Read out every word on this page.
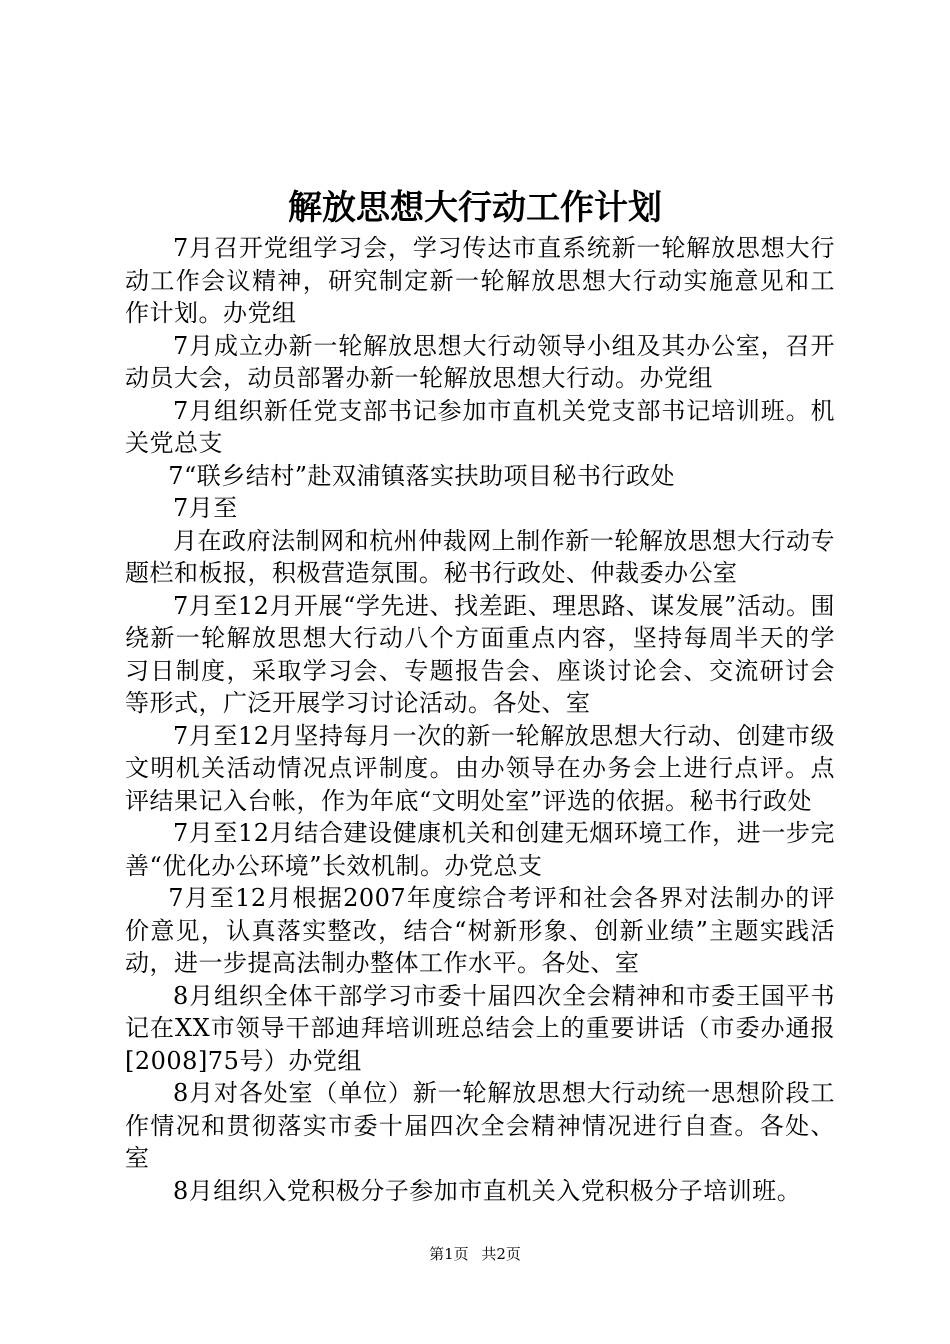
解放思想大行动工作计划

7月召开党组学习会，学习传达市直系统新一轮解放思想大行动工作会议精神，研究制定新一轮解放思想大行动实施意见和工作计划。办党组

7月成立办新一轮解放思想大行动领导小组及其办公室，召开动员大会，动员部署办新一轮解放思想大行动。办党组

7月组织新任党支部书记参加市直机关党支部书记培训班。机关党总支

7“联乡结村”赴双浦镇落实扶助项目秘书行政处

7月至

月在政府法制网和杭州仲裁网上制作新一轮解放思想大行动专题栏和板报，积极营造氛围。秘书行政处、仲裁委办公室

7月至12月开展“学先进、找差距、理思路、谋发展”活动。围绕新一轮解放思想大行动八个方面重点内容，坚持每周半天的学习日制度，采取学习会、专题报告会、座谈讨论会、交流研讨会等形式，广泛开展学习讨论活动。各处、室

7月至12月坚持每月一次的新一轮解放思想大行动、创建市级文明机关活动情况点评制度。由办领导在办务会上进行点评。点评结果记入台帐，作为年底“文明处室”评选的依据。秘书行政处

7月至12月结合建设健康机关和创建无烟环境工作，进一步完善“优化办公环境”长效机制。办党总支

7月至12月根据2007年度综合考评和社会各界对法制办的评价意见，认真落实整改，结合“树新形象、创新业绩”主题实践活动，进一步提高法制办整体工作水平。各处、室

8月组织全体干部学习市委十届四次全会精神和市委王国平书记在XX市领导干部迪拜培训班总结会上的重要讲话（市委办通报[2008]75号）办党组

8月对各处室（单位）新一轮解放思想大行动统一思想阶段工作情况和贯彻落实市委十届四次全会精神情况进行自查。各处、室

8月组织入党积极分子参加市直机关入党积极分子培训班。

第1页 共2页
